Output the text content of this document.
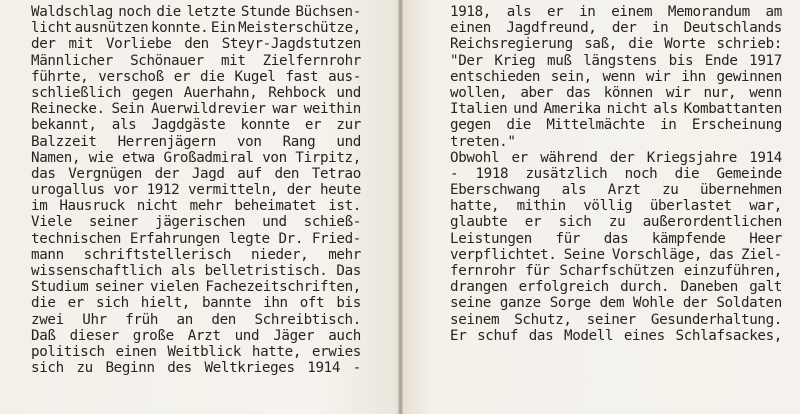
Waldschlag noch die letzte Stunde Büchsen-
licht ausnützen konnte. Ein Meisterschütze,
der mit Vorliebe den Steyr-Jagdstutzen
Männlicher Schönauer mit Zielfernrohr
führte, verschoß er die Kugel fast aus-
schließlich gegen Auerhahn, Rehbock und
Reinecke. Sein Auerwildrevier war weithin
bekannt, als Jagdgäste konnte er zur
Balzzeit Herrenjägern von Rang und
Namen, wie etwa Großadmiral von Tirpitz,
das Vergnügen der Jagd auf den Tetrao
urogallus vor 1912 vermitteln, der heute
im Hausruck nicht mehr beheimatet ist.
Viele seiner jägerischen und schieß-
technischen Erfahrungen legte Dr. Fried-
mann schriftstellerisch nieder, mehr
wissenschaftlich als belletristisch. Das
Studium seiner vielen Fachezeitschriften,
die er sich hielt, bannte ihn oft bis
zwei Uhr früh an den Schreibtisch.
Daß dieser große Arzt und Jäger auch
politisch einen Weitblick hatte, erwies
sich zu Beginn des Weltkrieges 1914 -
1918, als er in einem Memorandum am
einen Jagdfreund, der in Deutschlands
Reichsregierung saß, die Worte schrieb:
"Der Krieg muß längstens bis Ende 1917
entschieden sein, wenn wir ihn gewinnen
wollen, aber das können wir nur, wenn
Italien und Amerika nicht als Kombattanten
gegen die Mittelmächte in Erscheinung
treten."
Obwohl er während der Kriegsjahre 1914
- 1918 zusätzlich noch die Gemeinde
Eberschwang als Arzt zu übernehmen
hatte, mithin völlig überlastet war,
glaubte er sich zu außerordentlichen
Leistungen für das kämpfende Heer
verpflichtet. Seine Vorschläge, das Ziel-
fernrohr für Scharfschützen einzuführen,
drangen erfolgreich durch. Daneben galt
seine ganze Sorge dem Wohle der Soldaten
seinem Schutz, seiner Gesunderhaltung.
Er schuf das Modell eines Schlafsackes,
